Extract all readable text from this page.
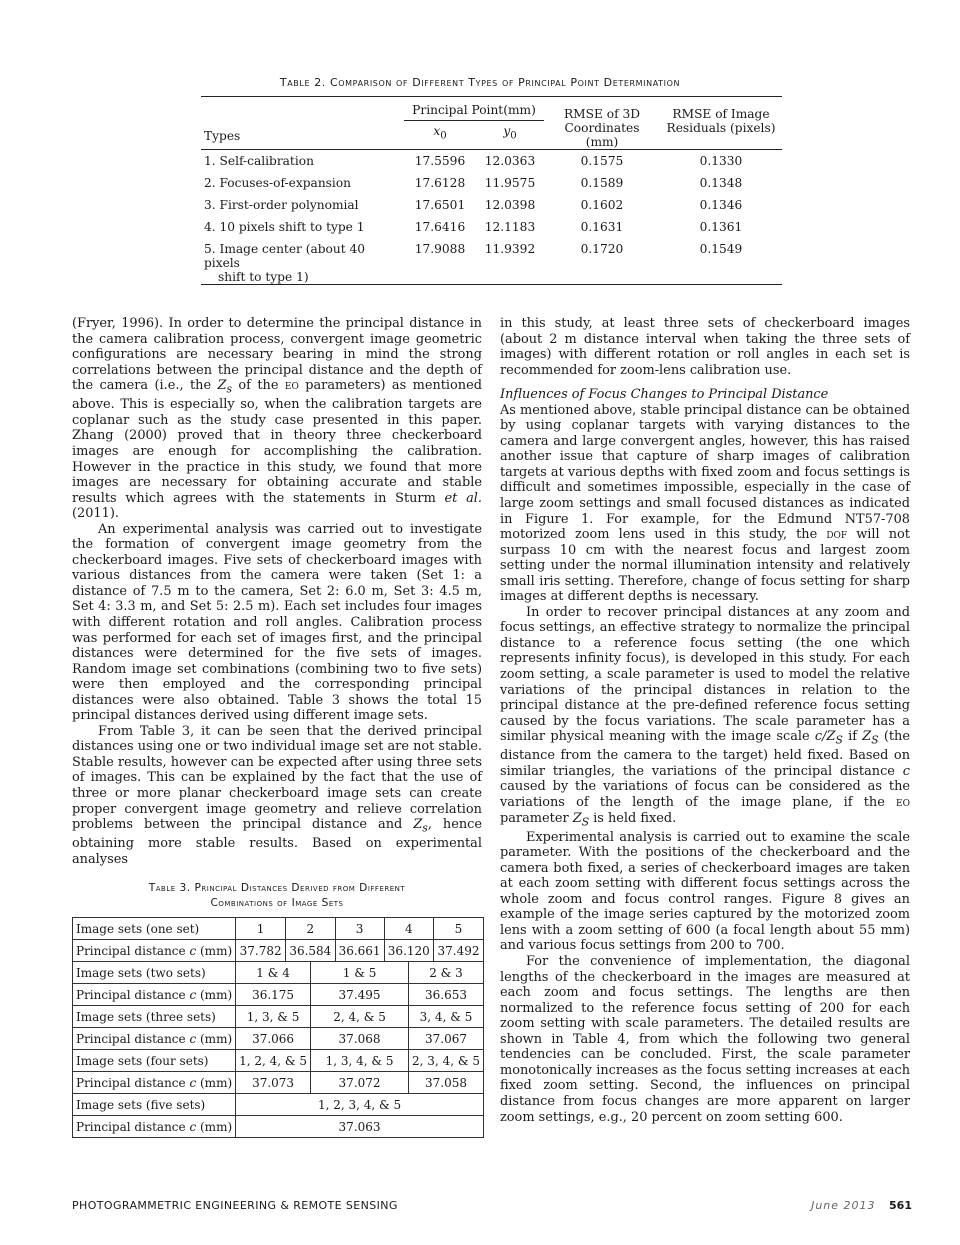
Table 2. Comparison of Different Types of Principal Point Determination

Types	Principal Point(mm)		RMSE of 3D
Coordinates (mm)	RMSE of Image
Residuals (pixels)
	$x_0$	$y_0$

1. Self-calibration	17.5596	12.0363	0.1575	0.1330
2. Focuses-of-expansion	17.6128	11.9575	0.1589	0.1348
3. First-order polynomial	17.6501	12.0398	0.1602	0.1346
4. 10 pixels shift to type 1	17.6416	12.1183	0.1631	0.1361
5. Image center (about 40 pixels
shift to type 1)	17.9088	11.9392	0.1720	0.1549

(Fryer, 1996). In order to determine the principal distance in the camera calibration process, convergent image geometric configurations are necessary bearing in mind the strong correlations between the principal distance and the depth of the camera (i.e., the $Z_s$ of the eo parameters) as mentioned above. This is especially so, when the calibration targets are coplanar such as the study case presented in this paper. Zhang (2000) proved that in theory three checkerboard images are enough for accomplishing the calibration. However in the practice in this study, we found that more images are necessary for obtaining accurate and stable results which agrees with the statements in Sturm et al. (2011).

An experimental analysis was carried out to investigate the formation of convergent image geometry from the checkerboard images. Five sets of checkerboard images with various distances from the camera were taken (Set 1: a distance of 7.5 m to the camera, Set 2: 6.0 m, Set 3: 4.5 m, Set 4: 3.3 m, and Set 5: 2.5 m). Each set includes four images with different rotation and roll angles. Calibration process was performed for each set of images first, and the principal distances were determined for the five sets of images. Random image set combinations (combining two to five sets) were then employed and the corresponding principal distances were also obtained. Table 3 shows the total 15 principal distances derived using different image sets.

From Table 3, it can be seen that the derived principal distances using one or two individual image set are not stable. Stable results, however can be expected after using three sets of images. This can be explained by the fact that the use of three or more planar checkerboard image sets can create proper convergent image geometry and relieve correlation problems between the principal distance and $Z_s$, hence obtaining more stable results. Based on experimental analyses

in this study, at least three sets of checkerboard images (about 2 m distance interval when taking the three sets of images) with different rotation or roll angles in each set is recommended for zoom-lens calibration use.

Influences of Focus Changes to Principal Distance

As mentioned above, stable principal distance can be obtained by using coplanar targets with varying distances to the camera and large convergent angles, however, this has raised another issue that capture of sharp images of calibration targets at various depths with fixed zoom and focus settings is difficult and sometimes impossible, especially in the case of large zoom settings and small focused distances as indicated in Figure 1. For example, for the Edmund NT57-708 motorized zoom lens used in this study, the dof will not surpass 10 cm with the nearest focus and largest zoom setting under the normal illumination intensity and relatively small iris setting. Therefore, change of focus setting for sharp images at different depths is necessary.

In order to recover principal distances at any zoom and focus settings, an effective strategy to normalize the principal distance to a reference focus setting (the one which represents infinity focus), is developed in this study. For each zoom setting, a scale parameter is used to model the relative variations of the principal distances in relation to the principal distance at the pre-defined reference focus setting caused by the focus variations. The scale parameter has a similar physical meaning with the image scale $c/Z_S$ if $Z_S$ (the distance from the camera to the target) held fixed. Based on similar triangles, the variations of the principal distance c caused by the variations of focus can be considered as the variations of the length of the image plane, if the eo parameter $Z_S$ is held fixed.

Experimental analysis is carried out to examine the scale parameter. With the positions of the checkerboard and the camera both fixed, a series of checkerboard images are taken at each zoom setting with different focus settings across the whole zoom and focus control ranges. Figure 8 gives an example of the image series captured by the motorized zoom lens with a zoom setting of 600 (a focal length about 55 mm) and various focus settings from 200 to 700.

For the convenience of implementation, the diagonal lengths of the checkerboard in the images are measured at each zoom and focus settings. The lengths are then normalized to the reference focus setting of 200 for each zoom setting with scale parameters. The detailed results are shown in Table 4, from which the following two general tendencies can be concluded. First, the scale parameter monotonically increases as the focus setting increases at each fixed zoom setting. Second, the influences on principal distance from focus changes are more apparent on larger zoom settings, e.g., 20 percent on zoom setting 600.

Table 3. Principal Distances Derived from Different
Combinations of Image Sets
Image sets (one set)	1	2		3	4		5
Principal distance c (mm)	37.782	36.584		36.661	36.120		37.492
Image sets (two sets)	1 & 4		1 & 5			2 & 3	
Principal distance c (mm)	36.175		37.495			36.653	
Image sets (three sets)	1, 3, & 5		2, 4, & 5			3, 4, & 5	
Principal distance c (mm)	37.066		37.068			37.067	
Image sets (four sets)	1, 2, 4, & 5		1, 3, 4, & 5			2, 3, 4, & 5	
Principal distance c (mm)	37.073		37.072			37.058	
Image sets (five sets)	1, 2, 3, 4, & 5						
Principal distance c (mm)	37.063						
PHOTOGRAMMETRIC ENGINEERING & REMOTE SENSING	June 2013 561
